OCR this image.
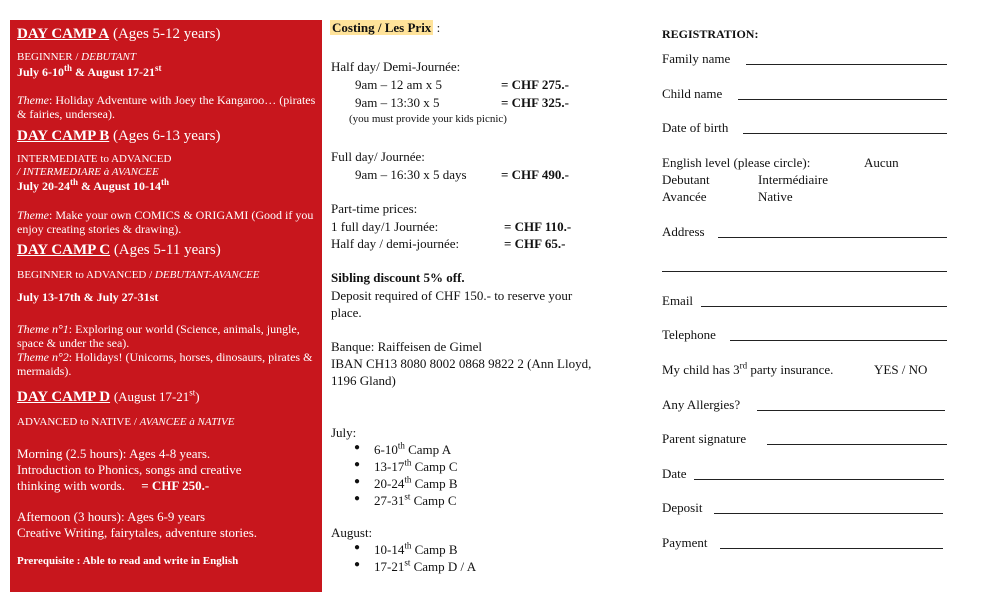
DAY CAMP A (Ages 5-12 years)
BEGINNER / DEBUTANT
July 6-10th & August 17-21st
Theme: Holiday Adventure with Joey the Kangaroo… (pirates & fairies, undersea).
DAY CAMP B (Ages 6-13 years)
INTERMEDIATE to ADVANCED
/ INTERMEDIARE à AVANCEE
July 20-24th & August 10-14th
Theme: Make your own COMICS & ORIGAMI (Good if you enjoy creating stories & drawing).
DAY CAMP C (Ages 5-11 years)
BEGINNER to ADVANCED / DEBUTANT-AVANCEE
July 13-17th & July 27-31st
Theme n°1: Exploring our world (Science, animals, jungle, space & under the sea).
Theme n°2: Holidays! (Unicorns, horses, dinosaurs, pirates & mermaids).
DAY CAMP D (August 17-21st)
ADVANCED to NATIVE / AVANCEE à NATIVE
Morning (2.5 hours): Ages 4-8 years.
Introduction to Phonics, songs and creative
thinking with words. = CHF 250.-
Afternoon (3 hours): Ages 6-9 years
Creative Writing, fairytales, adventure stories.
Prerequisite : Able to read and write in English
Costing / Les Prix :
Half day/ Demi-Journée:
9am – 12 am x 5	= CHF 275.-
9am – 13:30 x 5	= CHF 325.-
(you must provide your kids picnic)
Full day/ Journée:
9am – 16:30 x 5 days	= CHF 490.-
Part-time prices:
1 full day/1 Journée:	= CHF 110.-
Half day / demi-journée:	= CHF 65.-
Sibling discount 5% off.
Deposit required of CHF 150.- to reserve your
place.
Banque: Raiffeisen de Gimel
IBAN CH13 8080 8002 0868 9822 2 (Ann Lloyd,
1196 Gland)
July:
● 6-10th Camp A
● 13-17th Camp C
● 20-24th Camp B
● 27-31st Camp C
August:
● 10-14th Camp B
● 17-21st Camp D / A
REGISTRATION:
Family name
Child name
Date of birth
English level (please circle):	Aucun
Debutant	Intermédiaire
Avancée	Native
Address
Email
Telephone
My child has 3rd party insurance.	YES / NO
Any Allergies?
Parent signature
Date
Deposit
Payment
